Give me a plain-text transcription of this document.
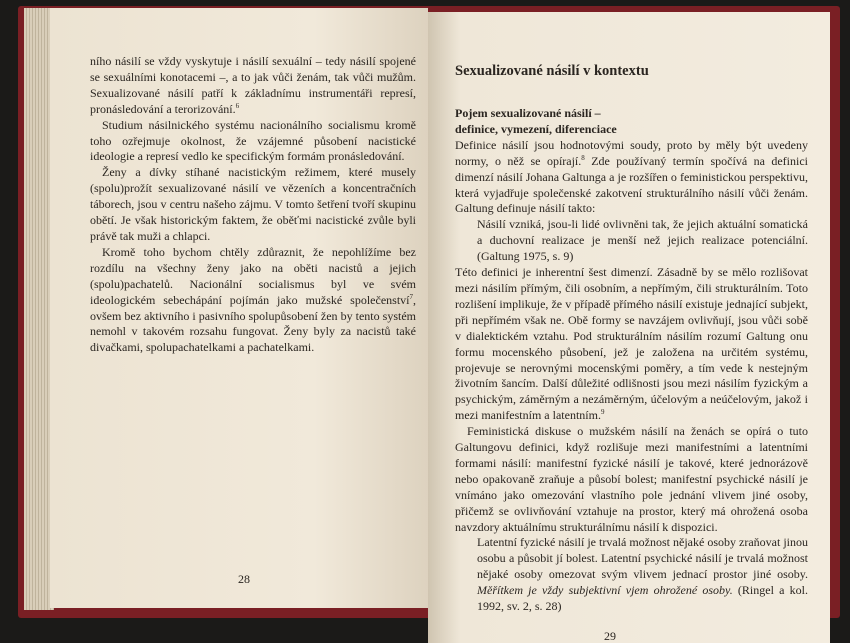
ního násilí se vždy vyskytuje i násilí sexuální – tedy násilí spojené se sexuálními konotacemi –, a to jak vůči ženám, tak vůči mužům. Sexualizované násilí patří k základnímu instrumentáři represí, pronásledování a terorizování.$^6$

Studium násilnického systému nacionálního socialismu kromě toho ozřejmuje okolnost, že vzájemné působení nacistické ideologie a represí vedlo ke specifickým formám pronásledování.

Ženy a dívky stíhané nacistickým režimem, které musely (spolu)prožít sexualizované násilí ve vězeních a koncentračních táborech, jsou v centru našeho zájmu. V tomto šetření tvoří skupinu obětí. Je však historickým faktem, že oběťmi nacistické zvůle byli právě tak muži a chlapci.

Kromě toho bychom chtěly zdůraznit, že nepohlížíme bez rozdílu na všechny ženy jako na oběti nacistů a jejich (spolu)pachatelů. Nacionální socialismus byl ve svém ideologickém sebechápání pojímán jako mužské společenství$^7$, ovšem bez aktivního i pasivního spolupůsobení žen by tento systém nemohl v takovém rozsahu fungovat. Ženy byly za nacistů také divačkami, spolupachatelkami a pachatelkami.

28
Sexualizované násilí v kontextu
Pojem sexualizované násilí –
definice, vymezení, diferenciace

Definice násilí jsou hodnotovými soudy, proto by měly být uvedeny normy, o něž se opírají.$^8$ Zde používaný termín spočívá na definici dimenzí násilí Johana Galtunga a je rozšířen o feministickou perspektivu, která vyjadřuje společenské zakotvení strukturálního násilí vůči ženám. Galtung definuje násilí takto:

Násilí vzniká, jsou-li lidé ovlivněni tak, že jejich aktuální somatická a duchovní realizace je menší než jejich realizace potenciální. (Galtung 1975, s. 9)

Této definici je inherentní šest dimenzí. Zásadně by se mělo rozlišovat mezi násilím přímým, čili osobním, a nepřímým, čili strukturálním. Toto rozlišení implikuje, že v případě přímého násilí existuje jednající subjekt, při nepřímém však ne. Obě formy se navzájem ovlivňují, jsou vůči sobě v dialektickém vztahu. Pod strukturálním násilím rozumí Galtung onu formu mocenského působení, jež je založena na určitém systému, projevuje se nerovnými mocenskými poměry, a tím vede k nestejným životním šancím. Další důležité odlišnosti jsou mezi násilím fyzickým a psychickým, záměrným a nezáměrným, účelovým a neúčelovým, jakož i mezi manifestním a latentním.$^9$

Feministická diskuse o mužském násilí na ženách se opírá o tuto Galtungovu definici, když rozlišuje mezi manifestními a latentními formami násilí: manifestní fyzické násilí je takové, které jednorázově nebo opakovaně zraňuje a působí bolest; manifestní psychické násilí je vnímáno jako omezování vlastního pole jednání vlivem jiné osoby, přičemž se ovlivňování vztahuje na prostor, který má ohrožená osoba navzdory aktuálnímu strukturálnímu násilí k dispozici.

Latentní fyzické násilí je trvalá možnost nějaké osoby zraňovat jinou osobu a působit jí bolest. Latentní psychické násilí je trvalá možnost nějaké osoby omezovat svým vlivem jednací prostor jiné osoby. Měřítkem je vždy subjektivní vjem ohrožené osoby. (Ringel a kol. 1992, sv. 2, s. 28)

29
